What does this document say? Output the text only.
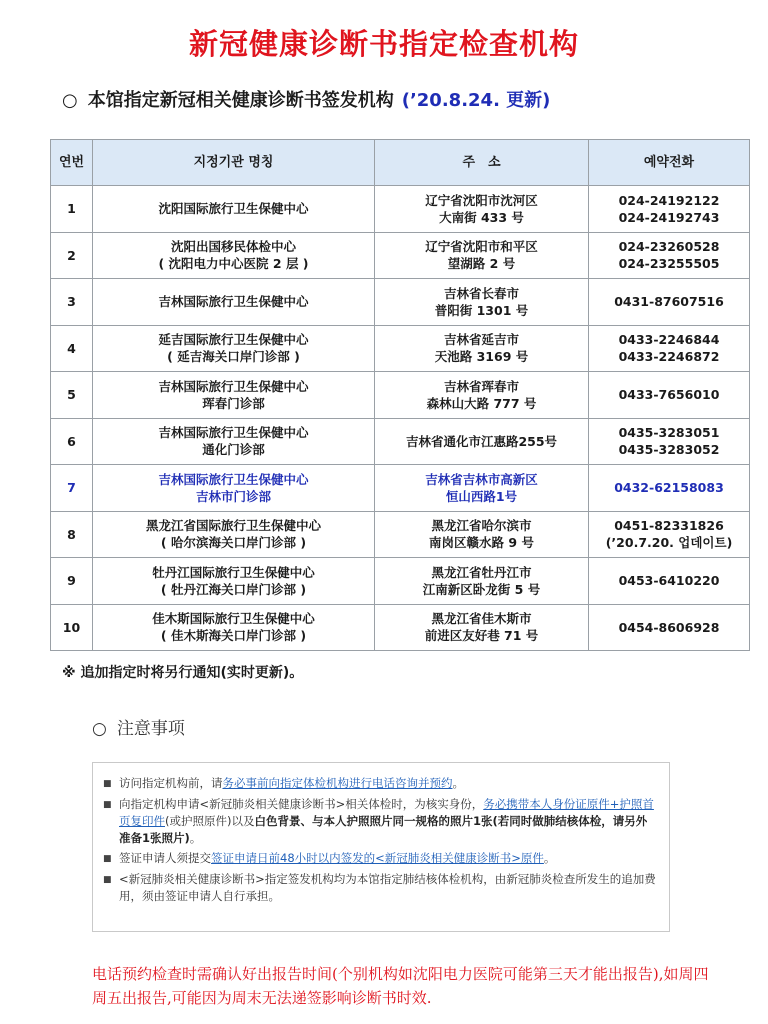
新冠健康诊断书指定检查机构
○ 本馆指定新冠相关健康诊断书签发机构 (’20.8.24. 更新)
연번	지정기관 명칭	주　소	예약전화
1	沈阳国际旅行卫生保健中心	辽宁省沈阳市沈河区
大南街 433 号	024-24192122
024-24192743

2	沈阳出国移民体检中心
( 沈阳电力中心医院 2 层 )	辽宁省沈阳市和平区
望湖路 2 号	024-23260528
024-23255505

3	吉林国际旅行卫生保健中心	吉林省长春市
普阳街 1301 号	0431-87607516

4	延吉国际旅行卫生保健中心
( 延吉海关口岸门诊部 )	吉林省延吉市
天池路 3169 号	0433-2246844
0433-2246872

5	吉林国际旅行卫生保健中心
珲春门诊部	吉林省珲春市
森林山大路 777 号	0433-7656010

6	吉林国际旅行卫生保健中心
通化门诊部	吉林省通化市江惠路255号	0435-3283051
0435-3283052

7	吉林国际旅行卫生保健中心
吉林市门诊部	吉林省吉林市高新区
恒山西路1号	0432-62158083

8	黑龙江省国际旅行卫生保健中心
( 哈尔滨海关口岸门诊部 )	黑龙江省哈尔滨市
南岗区赣水路 9 号	0451-82331826
(’20.7.20. 업데이트)

9	牡丹江国际旅行卫生保健中心
( 牡丹江海关口岸门诊部 )	黑龙江省牡丹江市
江南新区卧龙街 5 号	0453-6410220

10	佳木斯国际旅行卫生保健中心
( 佳木斯海关口岸门诊部 )	黑龙江省佳木斯市
前进区友好巷 71 号	0454-8606928
※ 追加指定时将另行通知(实时更新)。
○ 注意事项
■ 访问指定机构前，请务必事前向指定体检机构进行电话咨询并预约。
■ 向指定机构申请<新冠肺炎相关健康诊断书>相关体检时，为核实身份，务必携带本人身份证原件+护照首页复印件(或护照原件)以及白色背景、与本人护照照片同一规格的照片1张(若同时做肺结核体检，请另外准备1张照片)。
■ 签证申请人须提交签证申请日前48小时以内签发的<新冠肺炎相关健康诊断书>原件。
■ <新冠肺炎相关健康诊断书>指定签发机构均为本馆指定肺结核体检机构，由新冠肺炎检查所发生的追加费用，须由签证申请人自行承担。
电话预约检查时需确认好出报告时间(个别机构如沈阳电力医院可能第三天才能出报告),如周四周五出报告,可能因为周末无法递签影响诊断书时效.
